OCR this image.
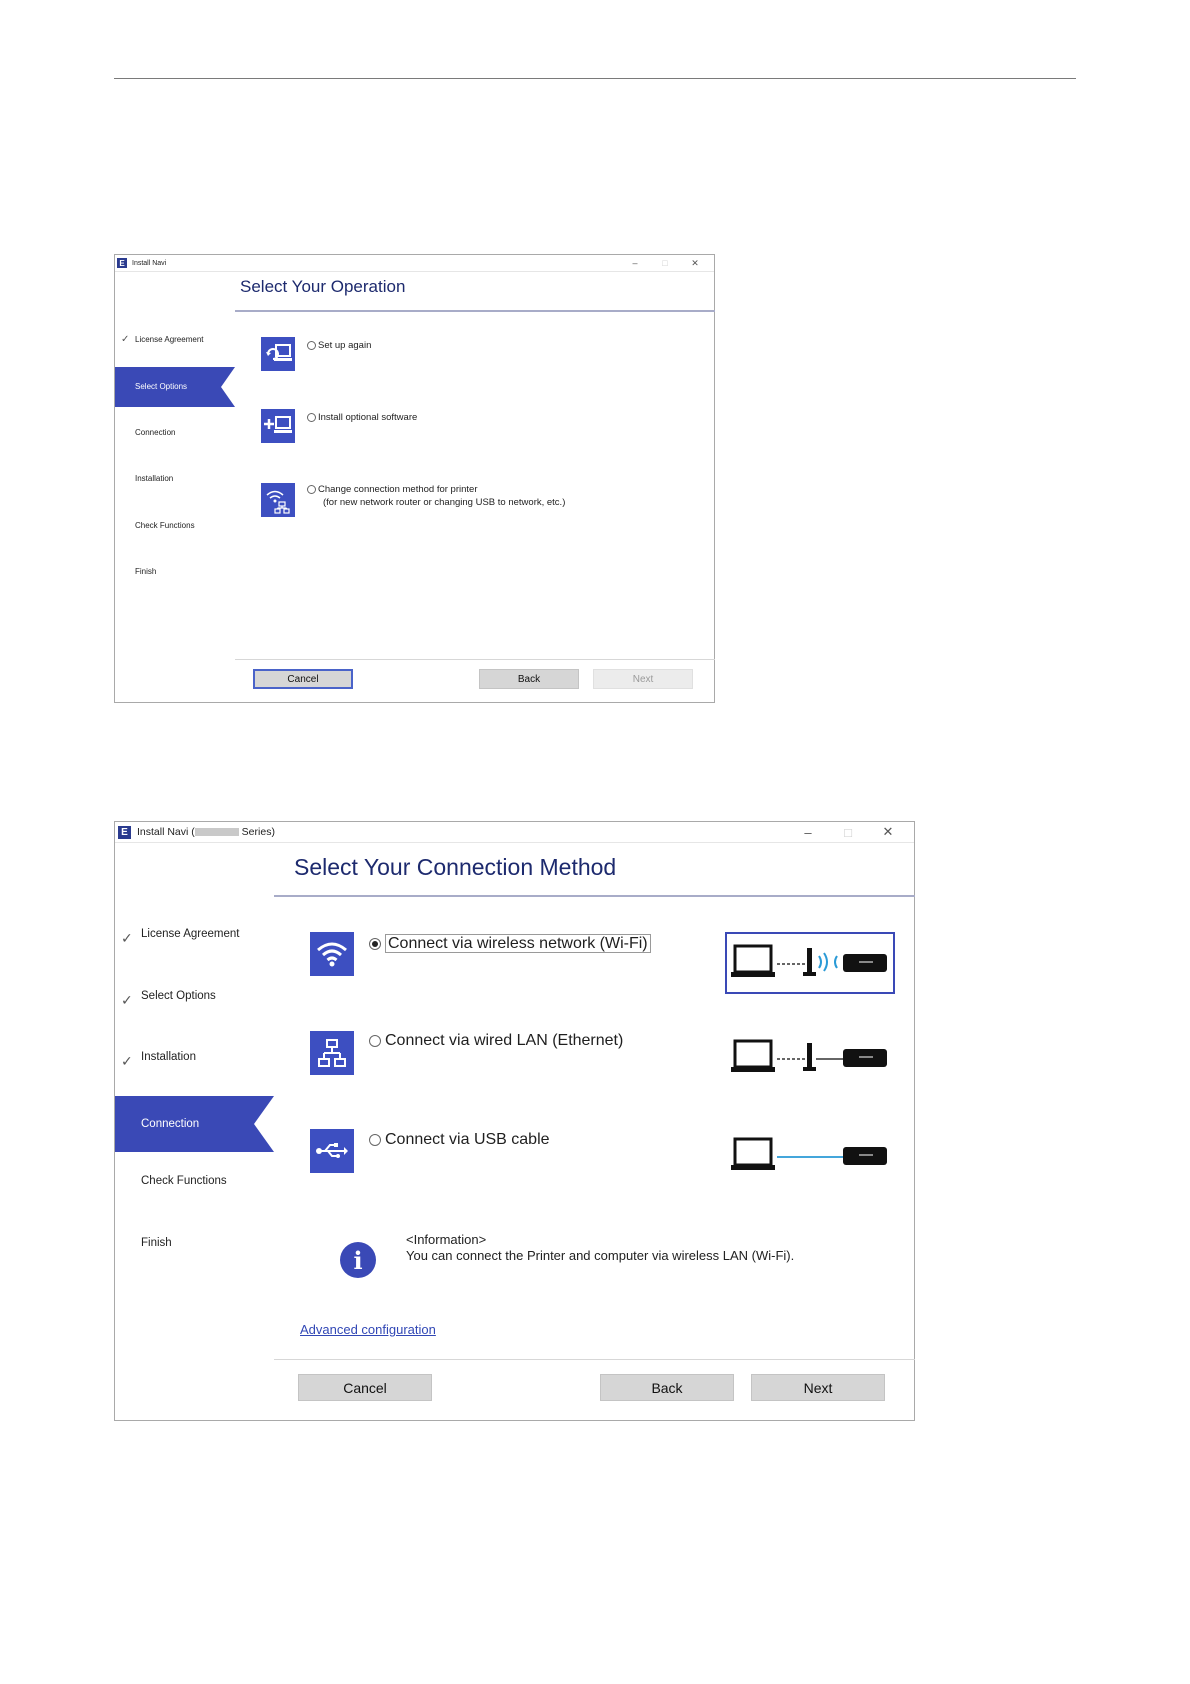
E	Install Navi	–	□	✕
Select Your Operation
✓ License Agreement
Select Options
Connection
Installation
Check Functions
Finish
Set up again
Install optional software
Change connection method for printer
(for new network router or changing USB to network, etc.)
Cancel	Back	Next
E Install Navi (	Series)	–	□	✕
Select Your Connection Method
✓ License Agreement
✓ Select Options
✓ Installation
Connection
Check Functions
Finish
Connect via wireless network (Wi-Fi)
Connect via wired LAN (Ethernet)
Connect via USB cable
i
<Information>
You can connect the Printer and computer via wireless LAN (Wi-Fi).
Advanced configuration
Cancel	Back	Next
